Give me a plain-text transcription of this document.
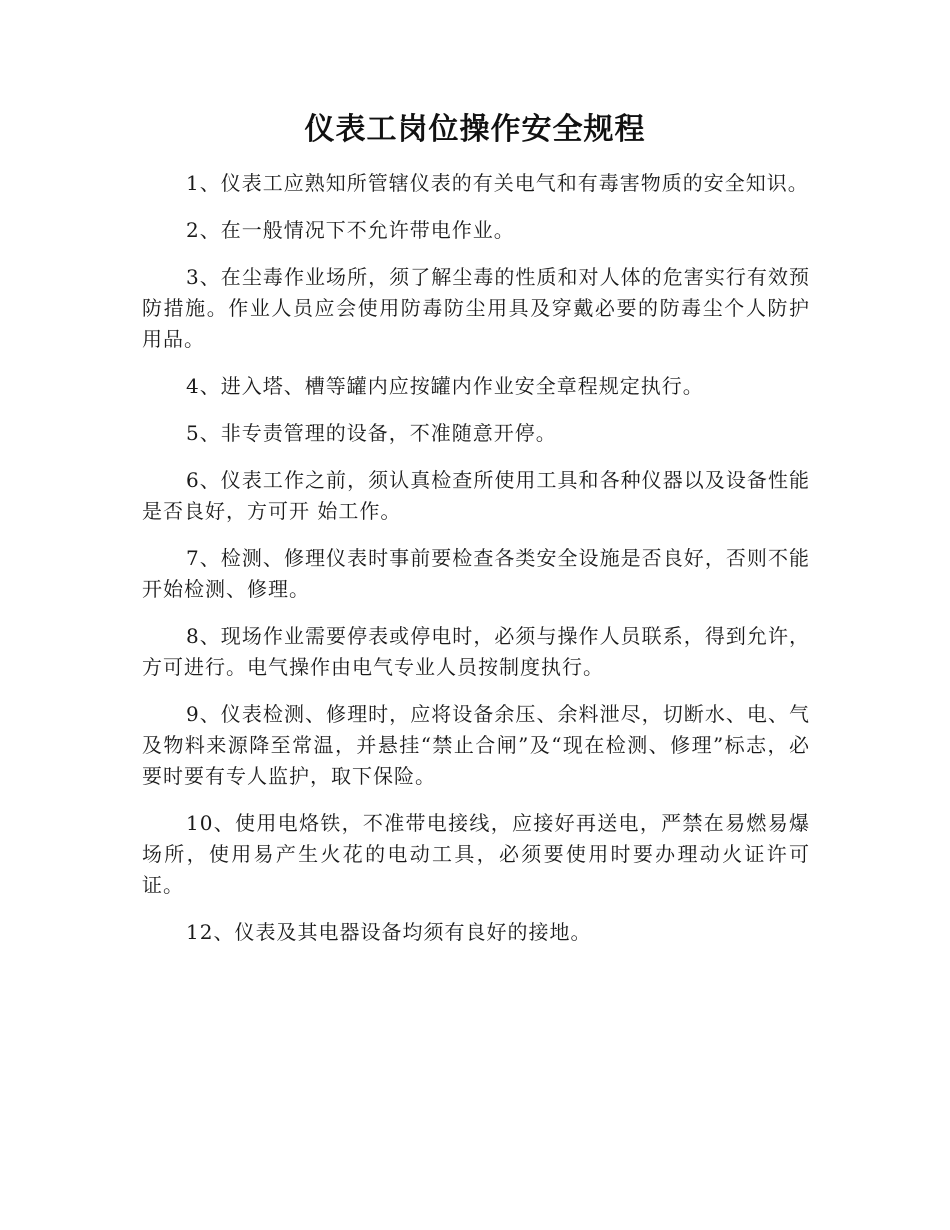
仪表工岗位操作安全规程

1、仪表工应熟知所管辖仪表的有关电气和有毒害物质的安全知识。

2、在一般情况下不允许带电作业。

3、在尘毒作业场所，须了解尘毒的性质和对人体的危害实行有效预防措施。作业人员应会使用防毒防尘用具及穿戴必要的防毒尘个人防护用品。

4、进入塔、槽等罐内应按罐内作业安全章程规定执行。

5、非专责管理的设备，不准随意开停。

6、仪表工作之前，须认真检查所使用工具和各种仪器以及设备性能是否良好，方可开 始工作。

7、检测、修理仪表时事前要检查各类安全设施是否良好，否则不能开始检测、修理。

8、现场作业需要停表或停电时，必须与操作人员联系，得到允许，方可进行。电气操作由电气专业人员按制度执行。

9、仪表检测、修理时，应将设备余压、余料泄尽，切断水、电、气及物料来源降至常温，并悬挂“禁止合闸”及“现在检测、修理”标志，必要时要有专人监护，取下保险。

10、使用电烙铁，不准带电接线，应接好再送电，严禁在易燃易爆场所，使用易产生火花的电动工具，必须要使用时要办理动火证许可证。

12、仪表及其电器设备均须有良好的接地。
